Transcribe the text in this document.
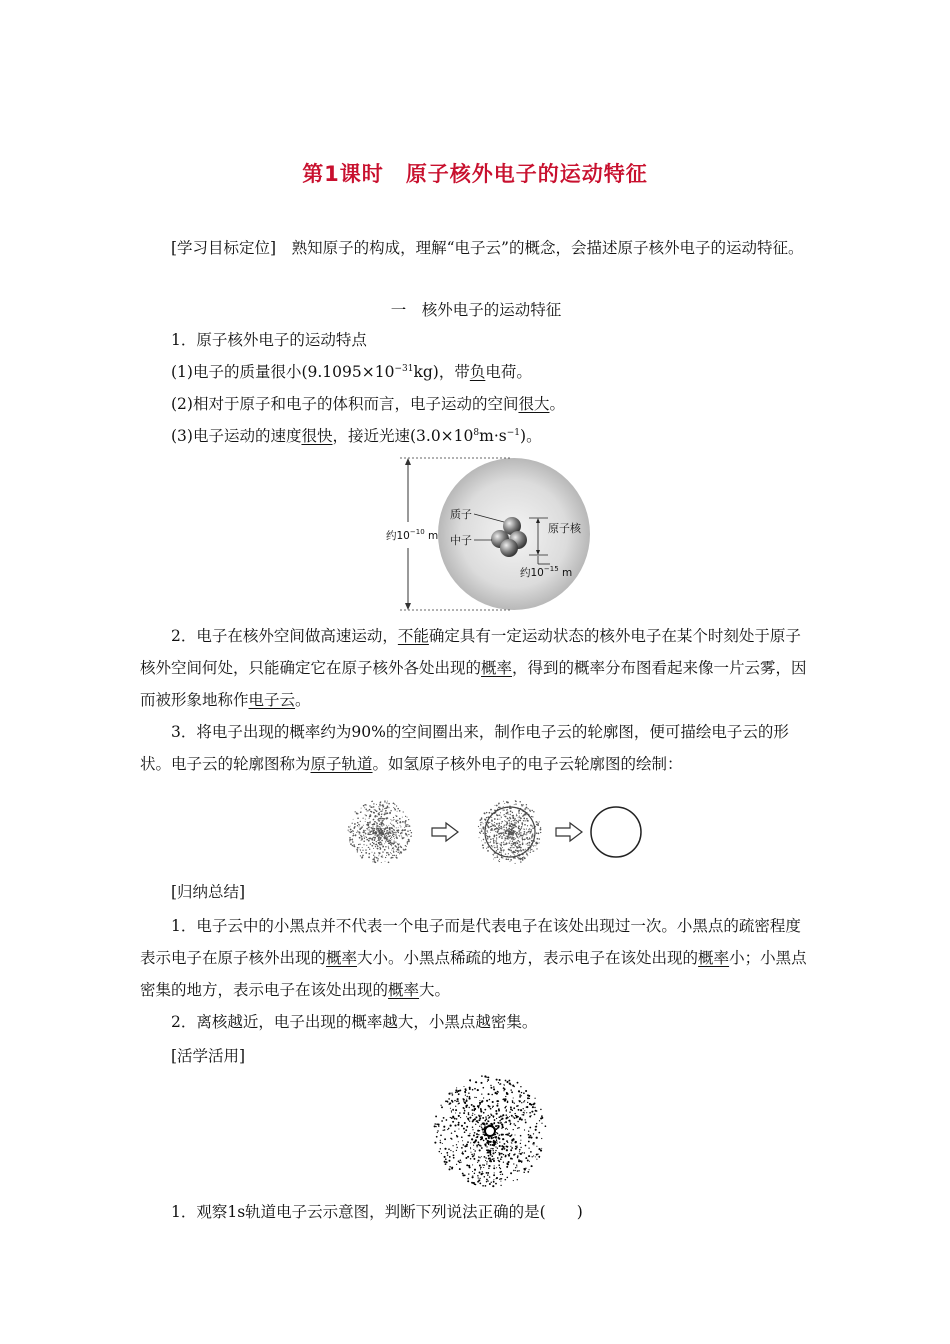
第1课时 原子核外电子的运动特征

[学习目标定位]　 熟知原子的构成，理解“电子云”的概念，会描述原子核外电子的运动特征。

一　核外电子的运动特征

1．原子核外电子的运动特点

(1)电子的质量很小$(9.1095\times 10^{-31}kg)$，带负电荷。

(2)相对于原子和电子的体积而言，电子运动的空间很大。

(3)电子运动的速度很快，接近光速$(3.0\times 10^8m\cdot s^{-1})$。

约$10^{-10}$ m
质子
中子
原子核
约$10^{-15}$ m

2．电子在核外空间做高速运动，不能确定具有一定运动状态的核外电子在某个时刻处于原子核外空间何处，只能确定它在原子核外各处出现的概率，得到的概率分布图看起来像一片云雾，因而被形象地称作电子云。

3．将电子出现的概率约为90%的空间圈出来，制作电子云的轮廓图，便可描绘电子云的形状。电子云的轮廓图称为原子轨道。如氢原子核外电子的电子云轮廓图的绘制：

[归纳总结]

1．电子云中的小黑点并不代表一个电子而是代表电子在该处出现过一次。小黑点的疏密程度表示电子在原子核外出现的概率大小。小黑点稀疏的地方，表示电子在该处出现的概率小；小黑点密集的地方，表示电子在该处出现的概率大。

2．离核越近，电子出现的概率越大，小黑点越密集。

[活学活用]

1．观察1s轨道电子云示意图，判断下列说法正确的是(　　)
